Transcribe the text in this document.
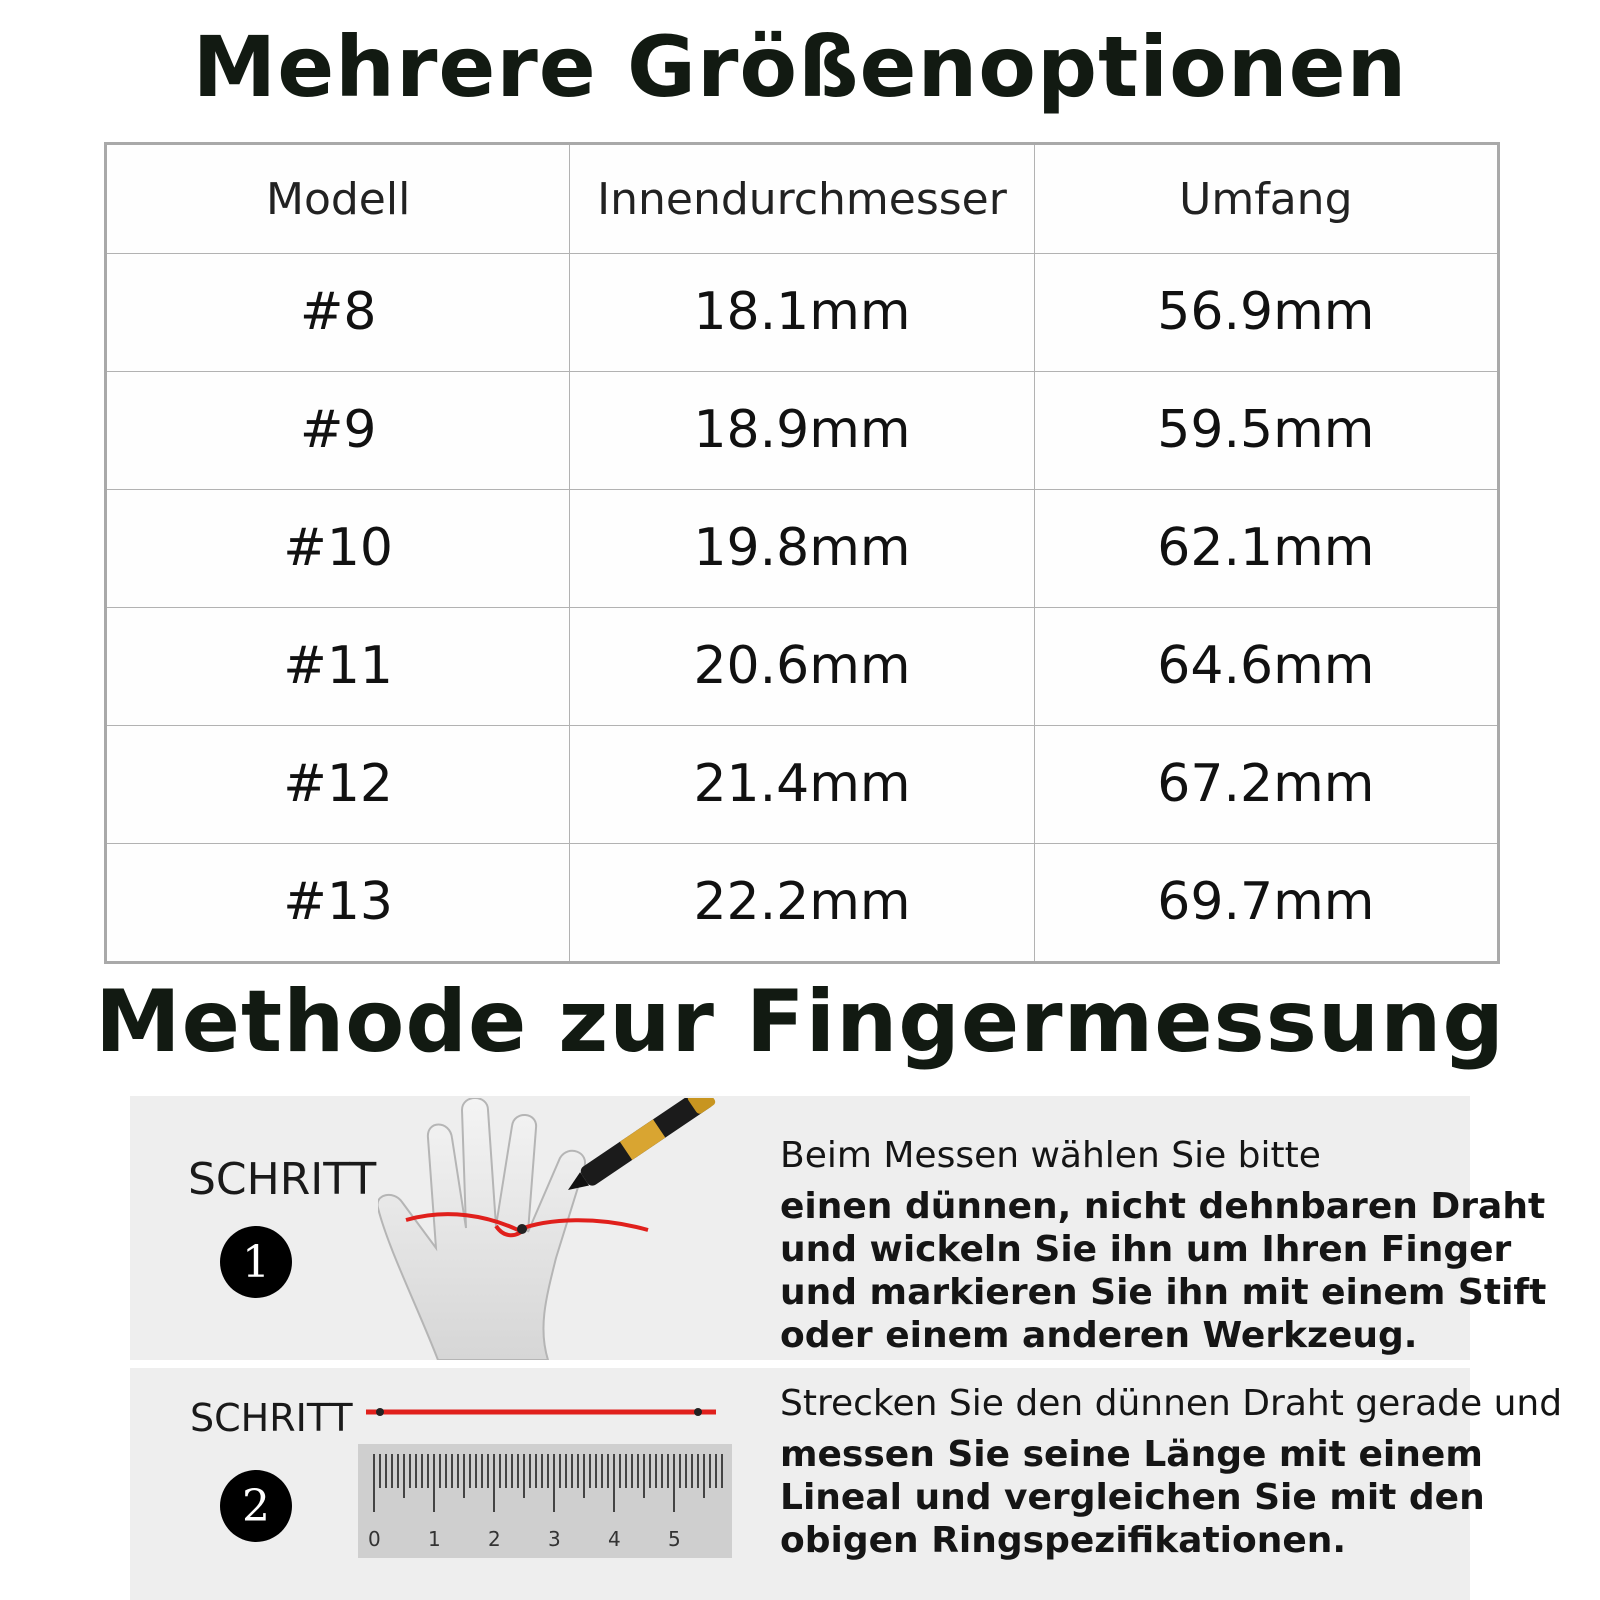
Mehrere Größenoptionen
Modell	Innendurchmesser	Umfang
#8	18.1mm	56.9mm
#9	18.9mm	59.5mm
#10	19.8mm	62.1mm
#11	20.6mm	64.6mm
#12	21.4mm	67.2mm
#13	22.2mm	69.7mm
Methode zur Fingermessung
SCHRITT
1
Beim Messen wählen Sie bitte
einen dünnen, nicht dehnbaren Draht und wickeln Sie ihn um Ihren Finger und markieren Sie ihn mit einem Stift oder einem anderen Werkzeug.
SCHRITT
2
0 1 2 3 4 5
Strecken Sie den dünnen Draht gerade und
messen Sie seine Länge mit einem Lineal und vergleichen Sie mit den obigen Ringspezifikationen.
